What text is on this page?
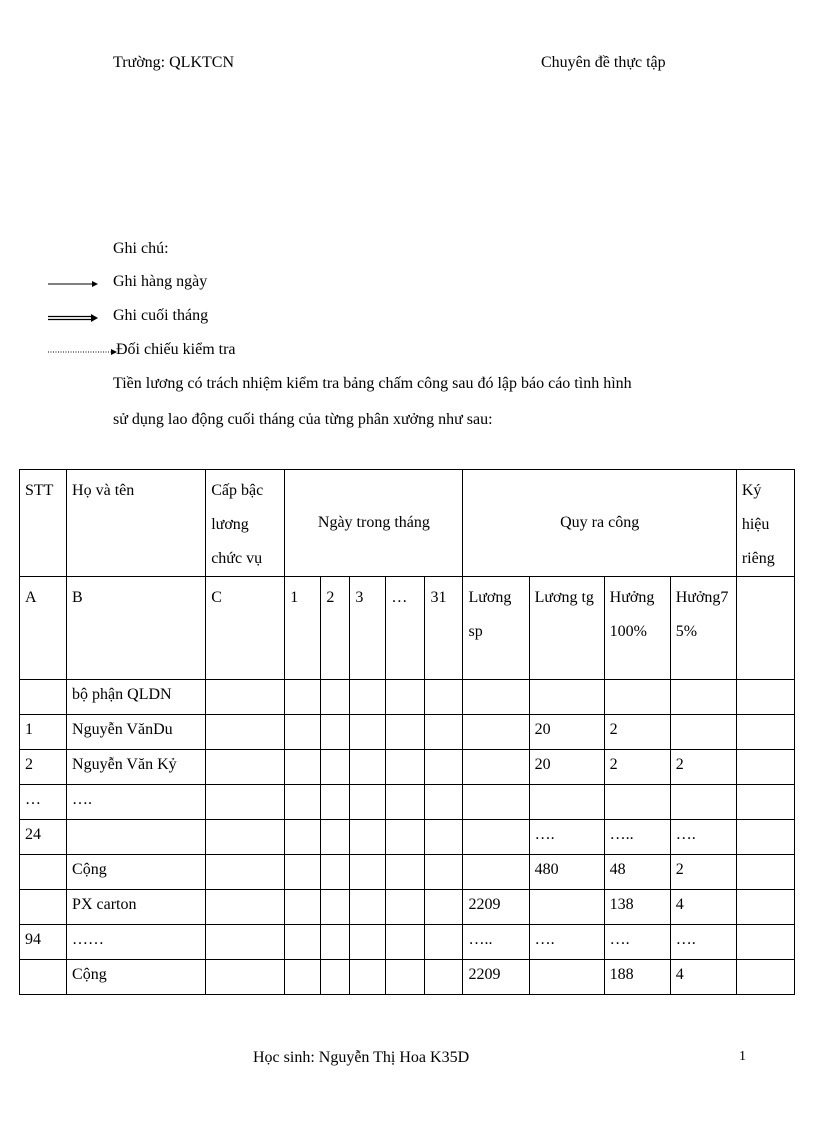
Trường: QLKTCN	Chuyên đề thực tập
Ghi chú:
Ghi hàng ngày
Ghi cuối tháng
Đối chiếu kiểm tra
Tiền lương có trách nhiệm kiểm tra bảng chấm công sau đó lập báo cáo tình hình
sử dụng lao động cuối tháng của từng phân xưởng như sau:
STT	Họ và tên	Cấp bậc lương chức vụ	Ngày trong tháng					Quy ra công				Ký hiệu riêng
A	B	C	1	2	3	…	31	Lương sp	Lương tg	Hưởng 100%	Hưởng75%	
	bộ phận QLDN											
1	Nguyễn VănDu								20	2		
2	Nguyễn Văn Kỷ								20	2	2	
…	….											
24									….	…..	….	
	Cộng								480	48	2	
	PX carton							2209		138	4	
94	……							…..	….	….	….	
	Cộng							2209		188	4	
Học sinh: Nguyễn Thị Hoa K35D	1
